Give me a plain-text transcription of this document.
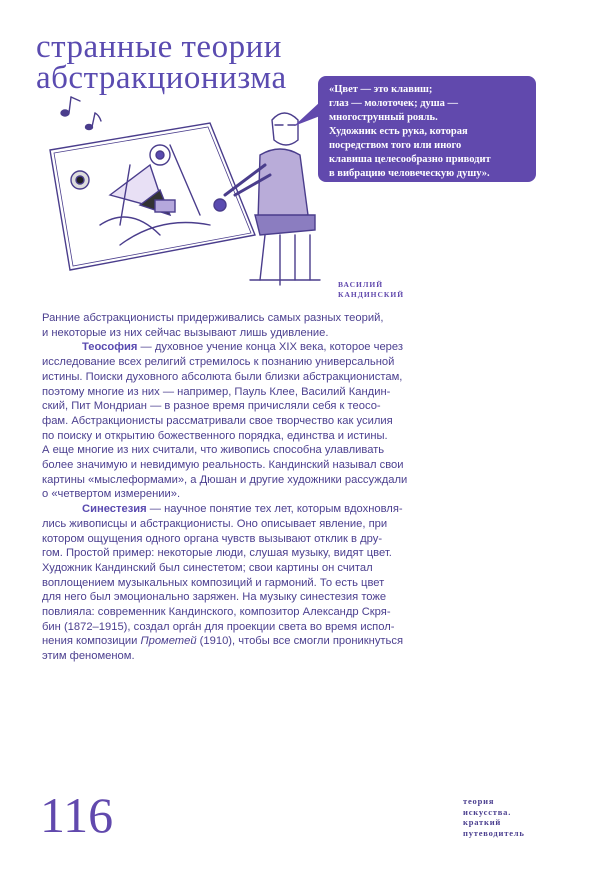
странные теории
абстракционизма	«Цвет — это клавиш;
глаз — молоточек; душа —
многострунный рояль.
Художник есть рука, которая
посредством того или иного
клавиша целесообразно приводит
в вибрацию человеческую душу».
ВАСИЛИЙ
КАНДИНСКИЙ
Ранние абстракционисты придерживались самых разных теорий,
и некоторые из них сейчас вызывают лишь удивление.
Теософия — духовное учение конца XIX века, которое через
исследование всех религий стремилось к познанию универсальной
истины. Поиски духовного абсолюта были близки абстракционистам,
поэтому многие из них — например, Пауль Клее, Василий Кандин-
ский, Пит Мондриан — в разное время причисляли себя к теосо-
фам. Абстракционисты рассматривали свое творчество как усилия
по поиску и открытию божественного порядка, единства и истины.
А еще многие из них считали, что живопись способна улавливать
более значимую и невидимую реальность. Кандинский называл свои
картины «мыслеформами», а Дюшан и другие художники рассуждали
о «четвертом измерении».
Синестезия — научное понятие тех лет, которым вдохновля-
лись живописцы и абстракционисты. Оно описывает явление, при
котором ощущения одного органа чувств вызывают отклик в дру-
гом. Простой пример: некоторые люди, слушая музыку, видят цвет.
Художник Кандинский был синестетом; свои картины он считал
воплощением музыкальных композиций и гармоний. То есть цвет
для него был эмоционально заряжен. На музыку синестезия тоже
повлияла: современник Кандинского, композитор Александр Скря-
бин (1872–1915), создал орга́н для проекции света во время испол-
нения композиции Прометей (1910), чтобы все смогли проникнуться
этим феноменом.
116	теория
искусства.
краткий
путеводитель
